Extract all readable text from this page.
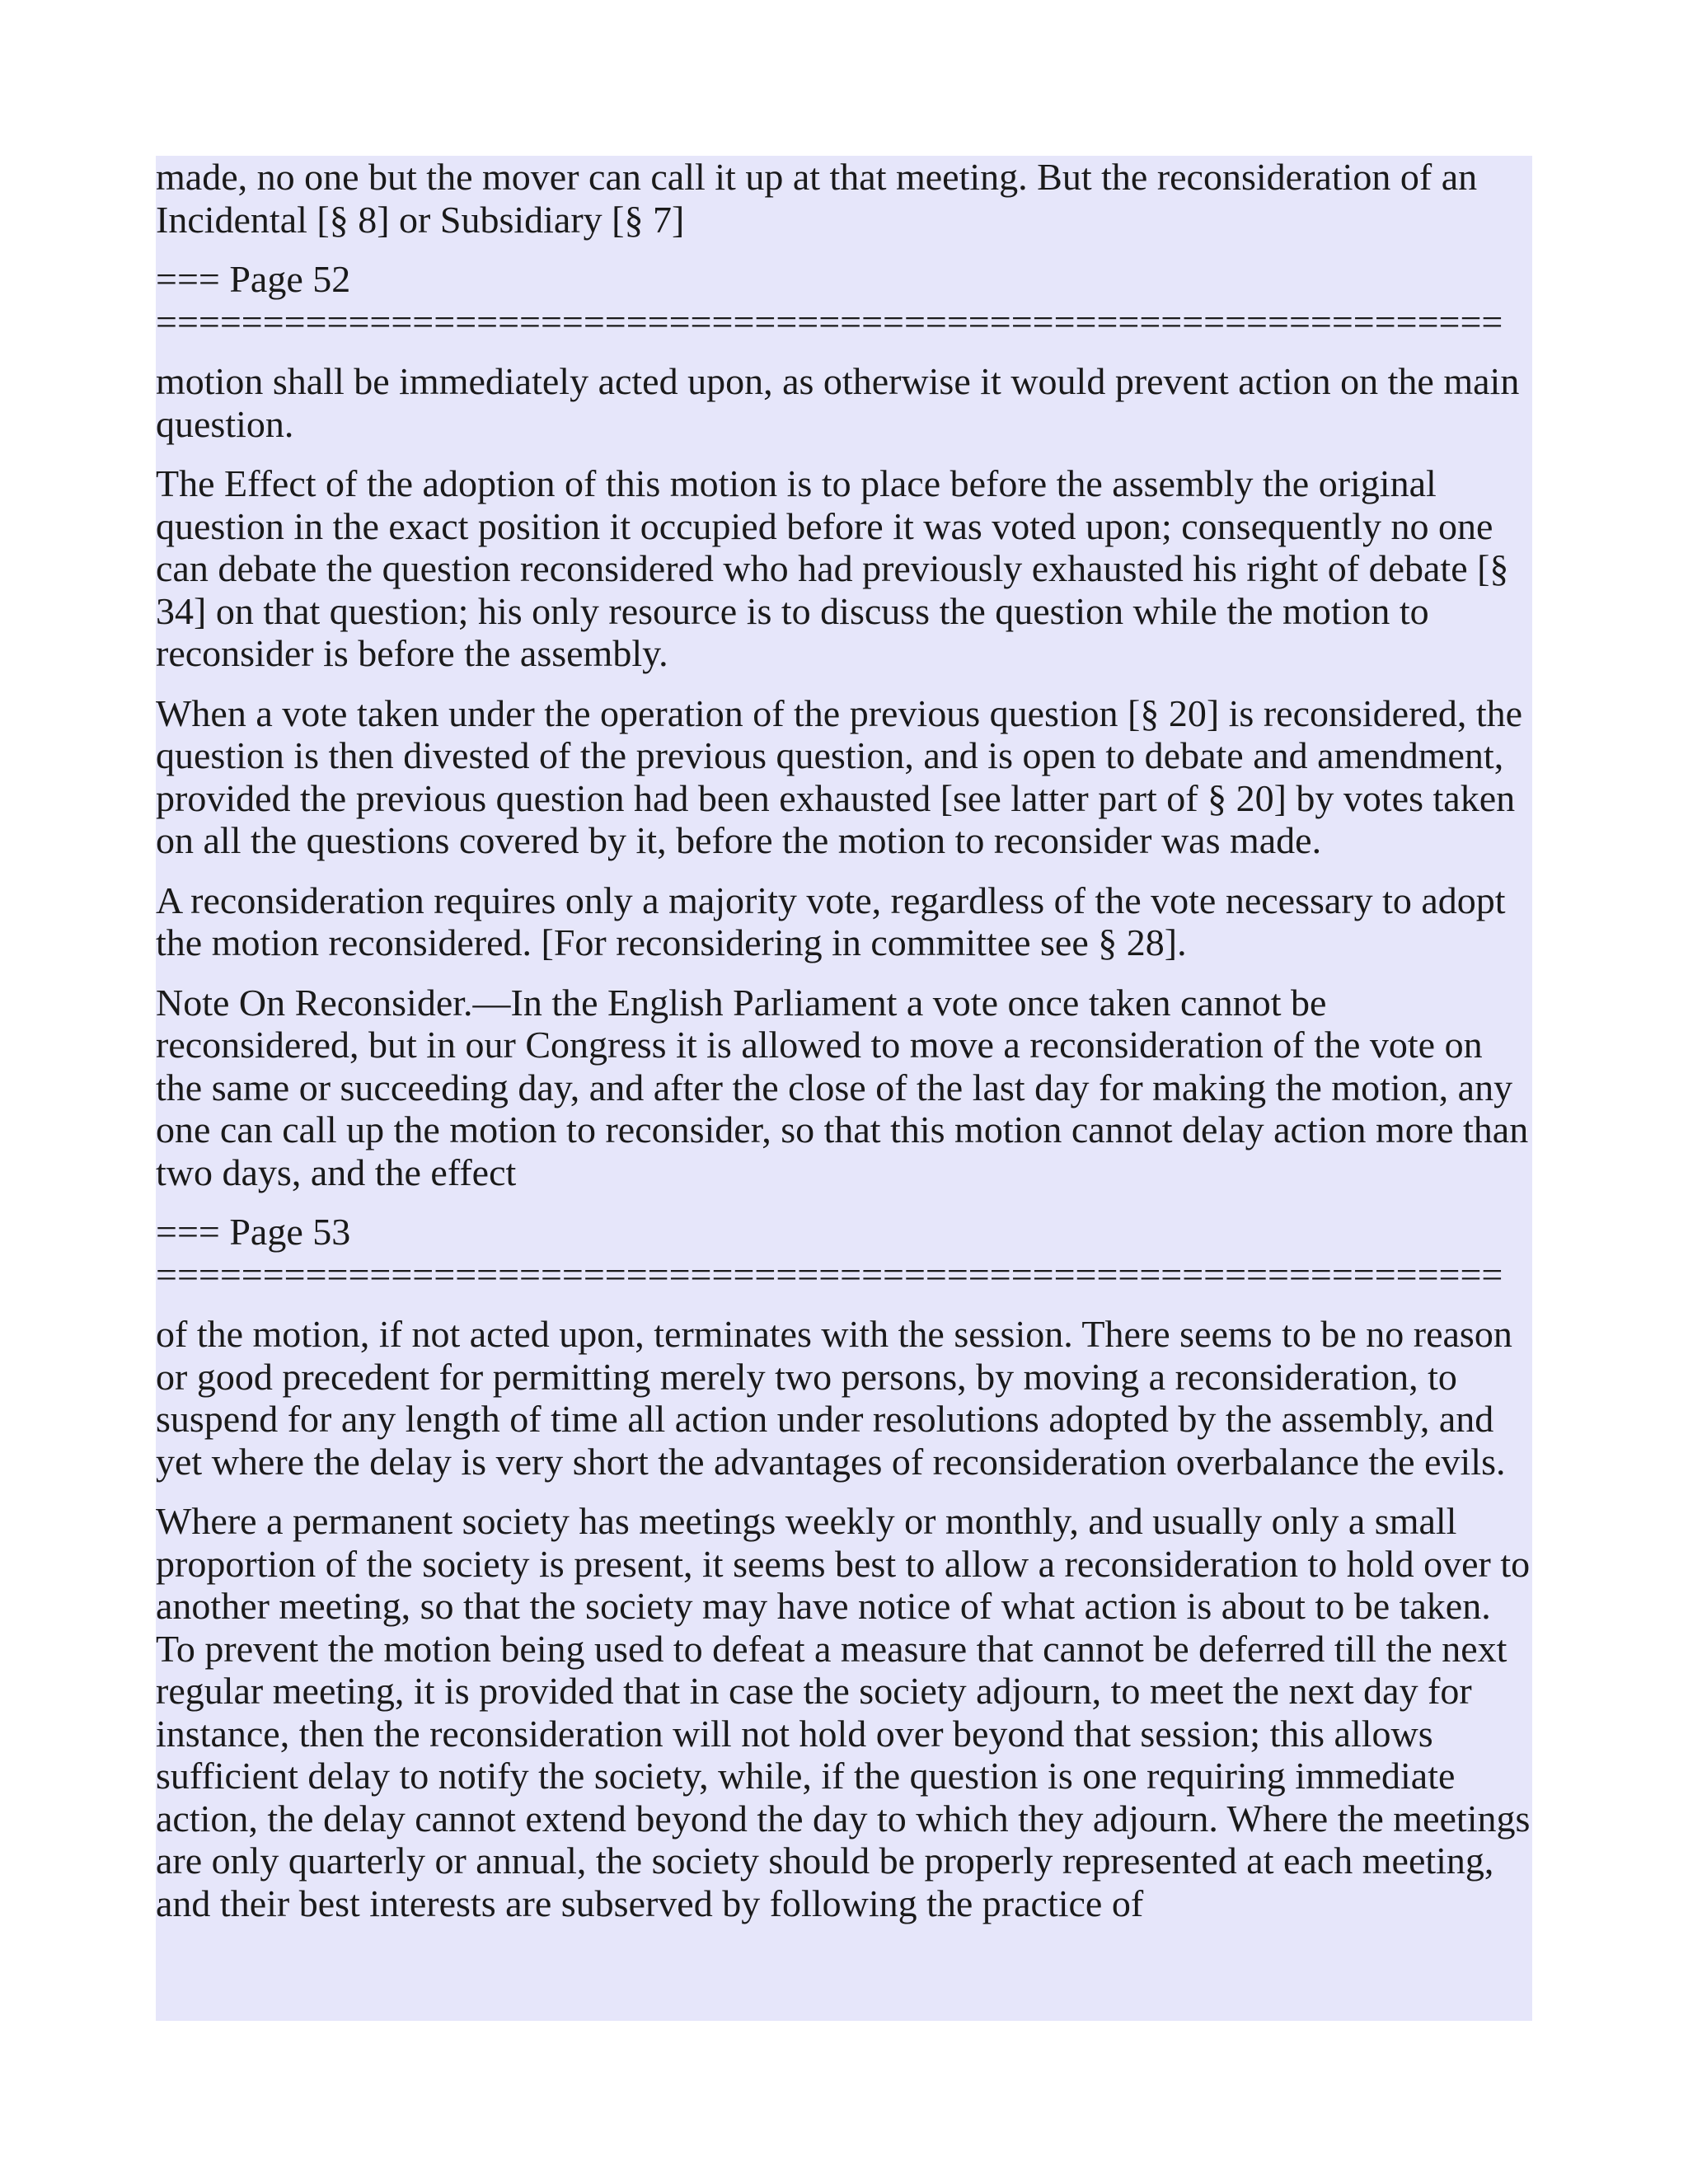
made, no one but the mover can call it up at that meeting. But the reconsideration of an Incidental [§ 8] or Subsidiary [§ 7]

=== Page 52
===============================================================

motion shall be immediately acted upon, as otherwise it would prevent action on the main question.

The Effect of the adoption of this motion is to place before the assembly the original question in the exact position it occupied before it was voted upon; consequently no one can debate the question reconsidered who had previously exhausted his right of debate [§ 34] on that question; his only resource is to discuss the question while the motion to reconsider is before the assembly.

When a vote taken under the operation of the previous question [§ 20] is reconsidered, the question is then divested of the previous question, and is open to debate and amendment, provided the previous question had been exhausted [see latter part of § 20] by votes taken on all the questions covered by it, before the motion to reconsider was made.

A reconsideration requires only a majority vote, regardless of the vote necessary to adopt the motion reconsidered. [For reconsidering in committee see § 28].

Note On Reconsider.—In the English Parliament a vote once taken cannot be reconsidered, but in our Congress it is allowed to move a reconsideration of the vote on the same or succeeding day, and after the close of the last day for making the motion, any one can call up the motion to reconsider, so that this motion cannot delay action more than two days, and the effect

=== Page 53
===============================================================

of the motion, if not acted upon, terminates with the session. There seems to be no reason or good precedent for permitting merely two persons, by moving a reconsideration, to suspend for any length of time all action under resolutions adopted by the assembly, and yet where the delay is very short the advantages of reconsideration overbalance the evils.

Where a permanent society has meetings weekly or monthly, and usually only a small proportion of the society is present, it seems best to allow a reconsideration to hold over to another meeting, so that the society may have notice of what action is about to be taken. To prevent the motion being used to defeat a measure that cannot be deferred till the next regular meeting, it is provided that in case the society adjourn, to meet the next day for instance, then the reconsideration will not hold over beyond that session; this allows sufficient delay to notify the society, while, if the question is one requiring immediate action, the delay cannot extend beyond the day to which they adjourn. Where the meetings are only quarterly or annual, the society should be properly represented at each meeting, and their best interests are subserved by following the practice of
